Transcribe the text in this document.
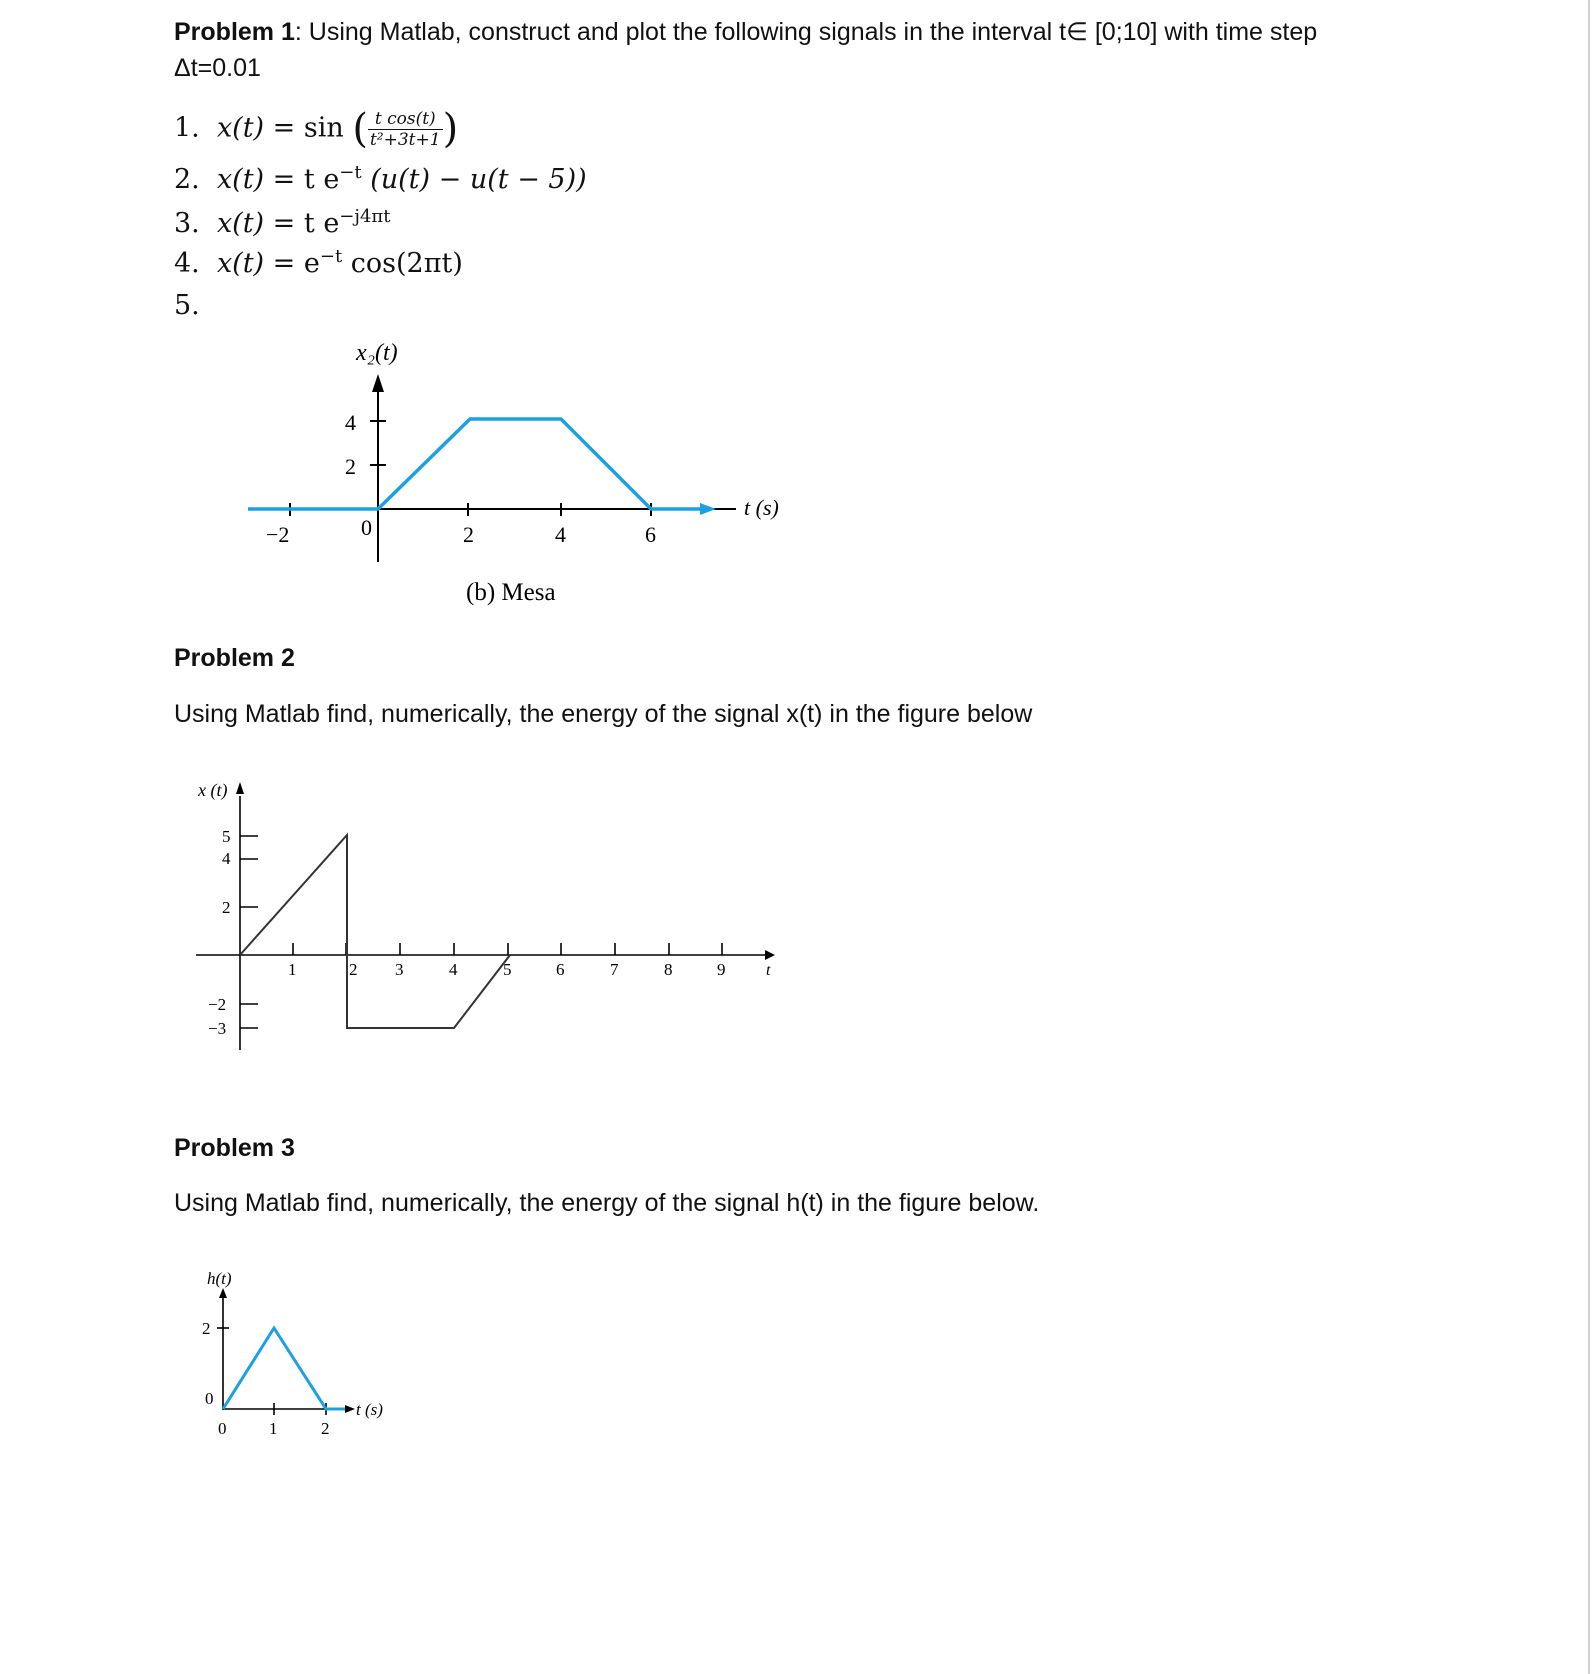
Problem 1: Using Matlab, construct and plot the following signals in the interval t∈ [0;10] with time step Δt=0.01
1. x(t) = sin ( $\frac{\text{t cos(t)}}{\text{t²+3t+1}}$ )
2. x(t) = t $e^{-t}$ (u(t) − u(t − 5))
3. x(t) = t $e^{-j4\pi t}$
4. $x(t) = e^{-t}$ cos(2πt)
5.
x₂(t)
t (s)
4
2
−2	0	2	4	6
(b) Mesa
Problem 2
Using Matlab find, numerically, the energy of the signal x(t) in the figure below
x (t)
t
5
4
2
−2
−3
1	2 3	4	5	6	7	8	9
Problem 3
Using Matlab find, numerically, the energy of the signal h(t) in the figure below.
h(t)
t (s)
2
0
0	1	2
